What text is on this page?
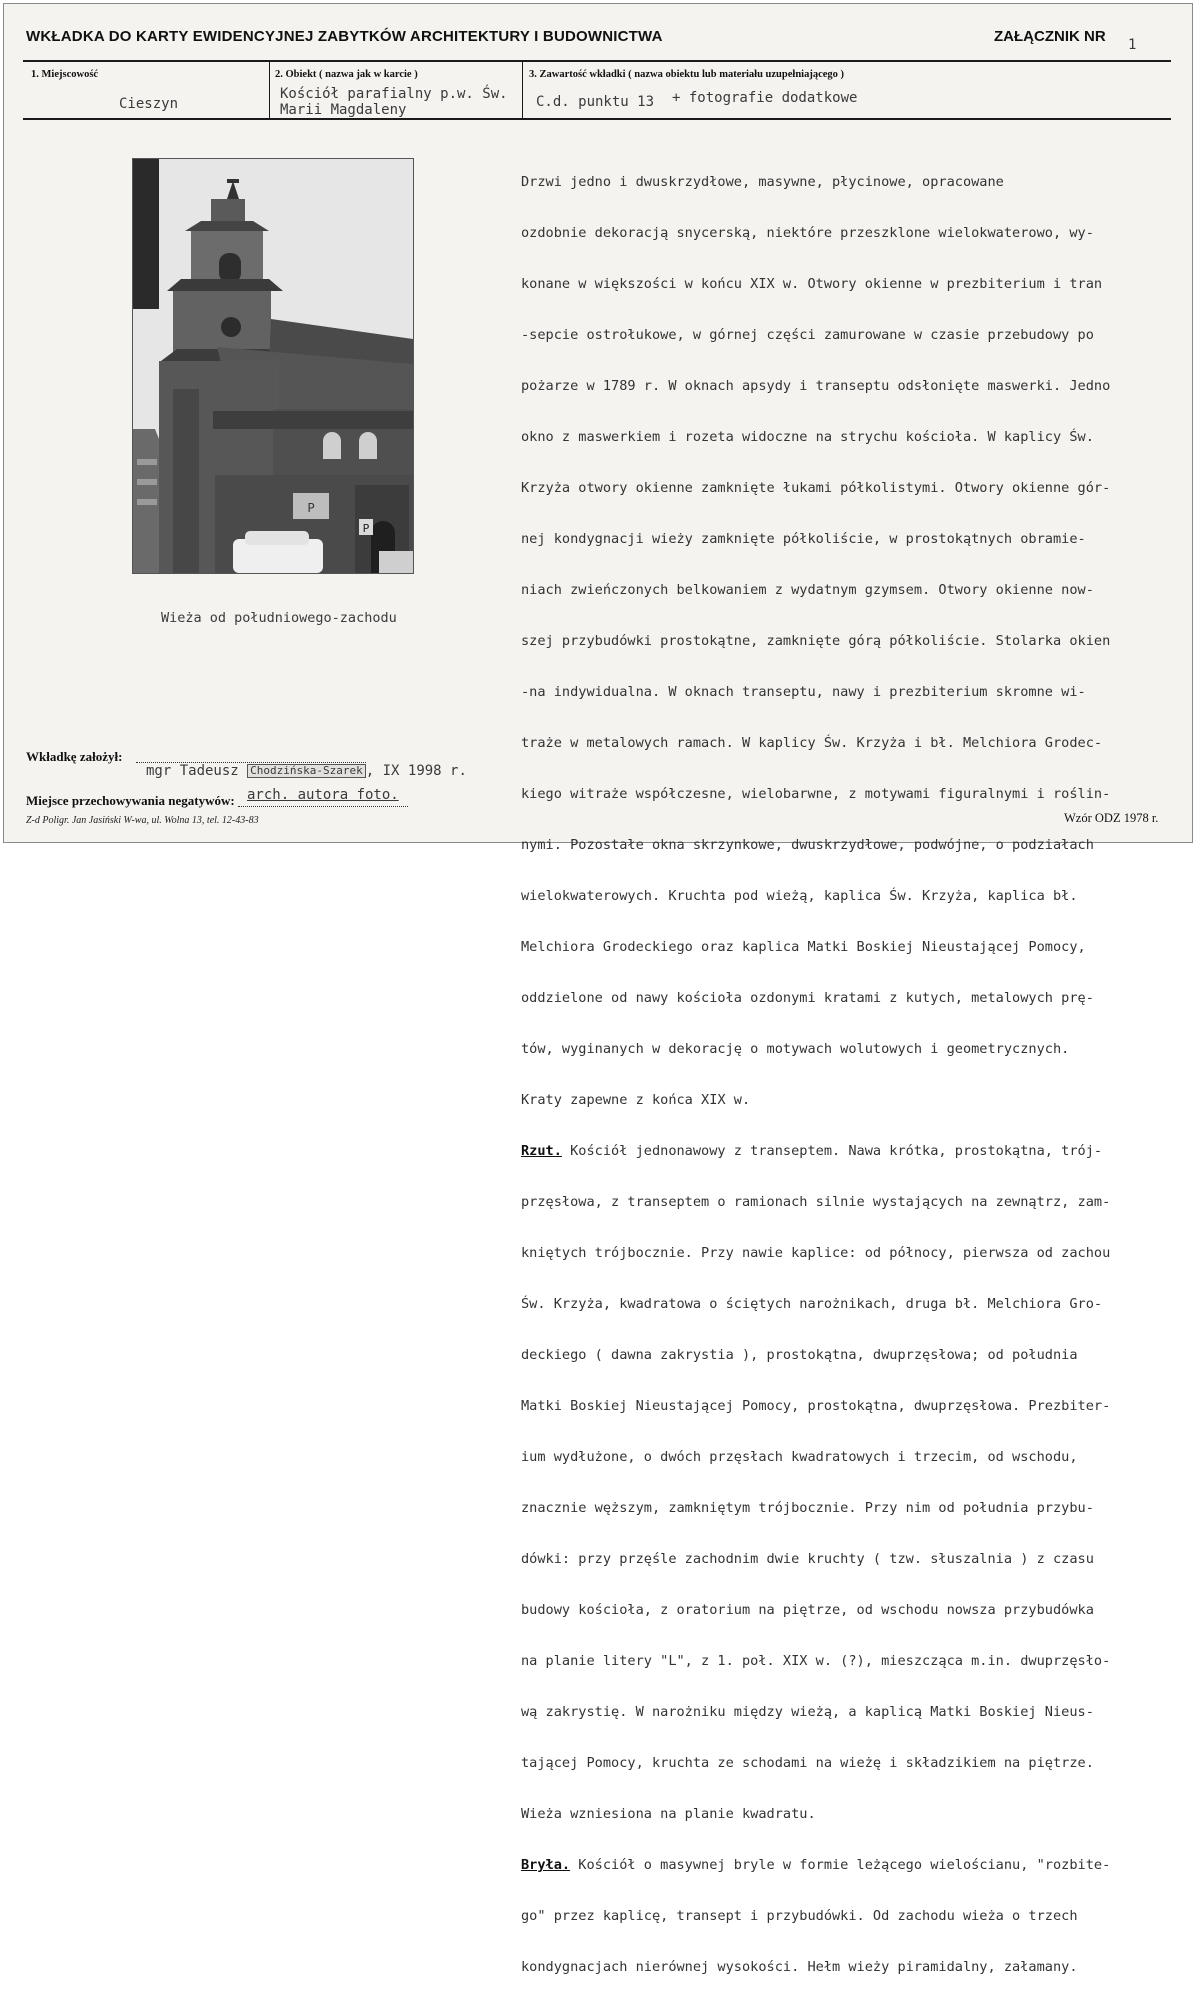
WKŁADKA DO KARTY EWIDENCYJNEJ ZABYTKÓW ARCHITEKTURY I BUDOWNICTWA	ZAŁĄCZNIK NR 1
1. Miejscowość
Cieszyn
2. Obiekt ( nazwa jak w karcie )
Kościół parafialny p.w. Św.
Marii Magdaleny
3. Zawartość wkładki ( nazwa obiektu lub materiału uzupełniającego )
C.d. punktu 13 + fotografie dodatkowe
P
P
Wieża od południowego-zachodu

Drzwi jedno i dwuskrzydłowe, masywne, płycinowe, opracowane

ozdobnie dekoracją snycerską, niektóre przeszklone wielokwaterowo, wy-

konane w większości w końcu XIX w. Otwory okienne w prezbiterium i tran

-sepcie ostrołukowe, w górnej części zamurowane w czasie przebudowy po

pożarze w 1789 r. W oknach apsydy i transeptu odsłonięte maswerki. Jedno

okno z maswerkiem i rozeta widoczne na strychu kościoła. W kaplicy Św.

Krzyża otwory okienne zamknięte łukami półkolistymi. Otwory okienne gór-

nej kondygnacji wieży zamknięte półkoliście, w prostokątnych obramie-

niach zwieńczonych belkowaniem z wydatnym gzymsem. Otwory okienne now-

szej przybudówki prostokątne, zamknięte górą półkoliście. Stolarka okien

-na indywidualna. W oknach transeptu, nawy i prezbiterium skromne wi-

traże w metalowych ramach. W kaplicy Św. Krzyża i bł. Melchiora Grodec-

kiego witraże współczesne, wielobarwne, z motywami figuralnymi i roślin-

nymi. Pozostałe okna skrzynkowe, dwuskrzydłowe, podwójne, o podziałach

wielokwaterowych. Kruchta pod wieżą, kaplica Św. Krzyża, kaplica bł.

Melchiora Grodeckiego oraz kaplica Matki Boskiej Nieustającej Pomocy,

oddzielone od nawy kościoła ozdonymi kratami z kutych, metalowych prę-

tów, wyginanych w dekorację o motywach wolutowych i geometrycznych.

Kraty zapewne z końca XIX w.

Rzut. Kościół jednonawowy z transeptem. Nawa krótka, prostokątna, trój-

przęsłowa, z transeptem o ramionach silnie wystających na zewnątrz, zam-

kniętych trójbocznie. Przy nawie kaplice: od północy, pierwsza od zachou

Św. Krzyża, kwadratowa o ściętych narożnikach, druga bł. Melchiora Gro-

deckiego ( dawna zakrystia ), prostokątna, dwuprzęsłowa; od południa

Matki Boskiej Nieustającej Pomocy, prostokątna, dwuprzęsłowa. Prezbiter-

ium wydłużone, o dwóch przęsłach kwadratowych i trzecim, od wschodu,

znacznie węższym, zamkniętym trójbocznie. Przy nim od południa przybu-

dówki: przy przęśle zachodnim dwie kruchty ( tzw. słuszalnia ) z czasu

budowy kościoła, z oratorium na piętrze, od wschodu nowsza przybudówka

na planie litery "L", z 1. poł. XIX w. (?), mieszcząca m.in. dwuprzęsło-

wą zakrystię. W narożniku między wieżą, a kaplicą Matki Boskiej Nieus-

tającej Pomocy, kruchta ze schodami na wieżę i składzikiem na piętrze.

Wieża wzniesiona na planie kwadratu.

Bryła. Kościół o masywnej bryle w formie leżącego wielościanu, "rozbite-

go" przez kaplicę, transept i przybudówki. Od zachodu wieża o trzech

kondygnacjach nierównej wysokości. Hełm wieży piramidalny, załamany.

Wkładkę założył:
mgr Tadeusz Chodzińska-Szarek , IX 1998 r.
Miejsce przechowywania negatywów: arch. autora foto.
Z-d Poligr. Jan Jasiński W-wa, ul. Wolna 13, tel. 12-43-83	Wzór ODZ 1978 r.
